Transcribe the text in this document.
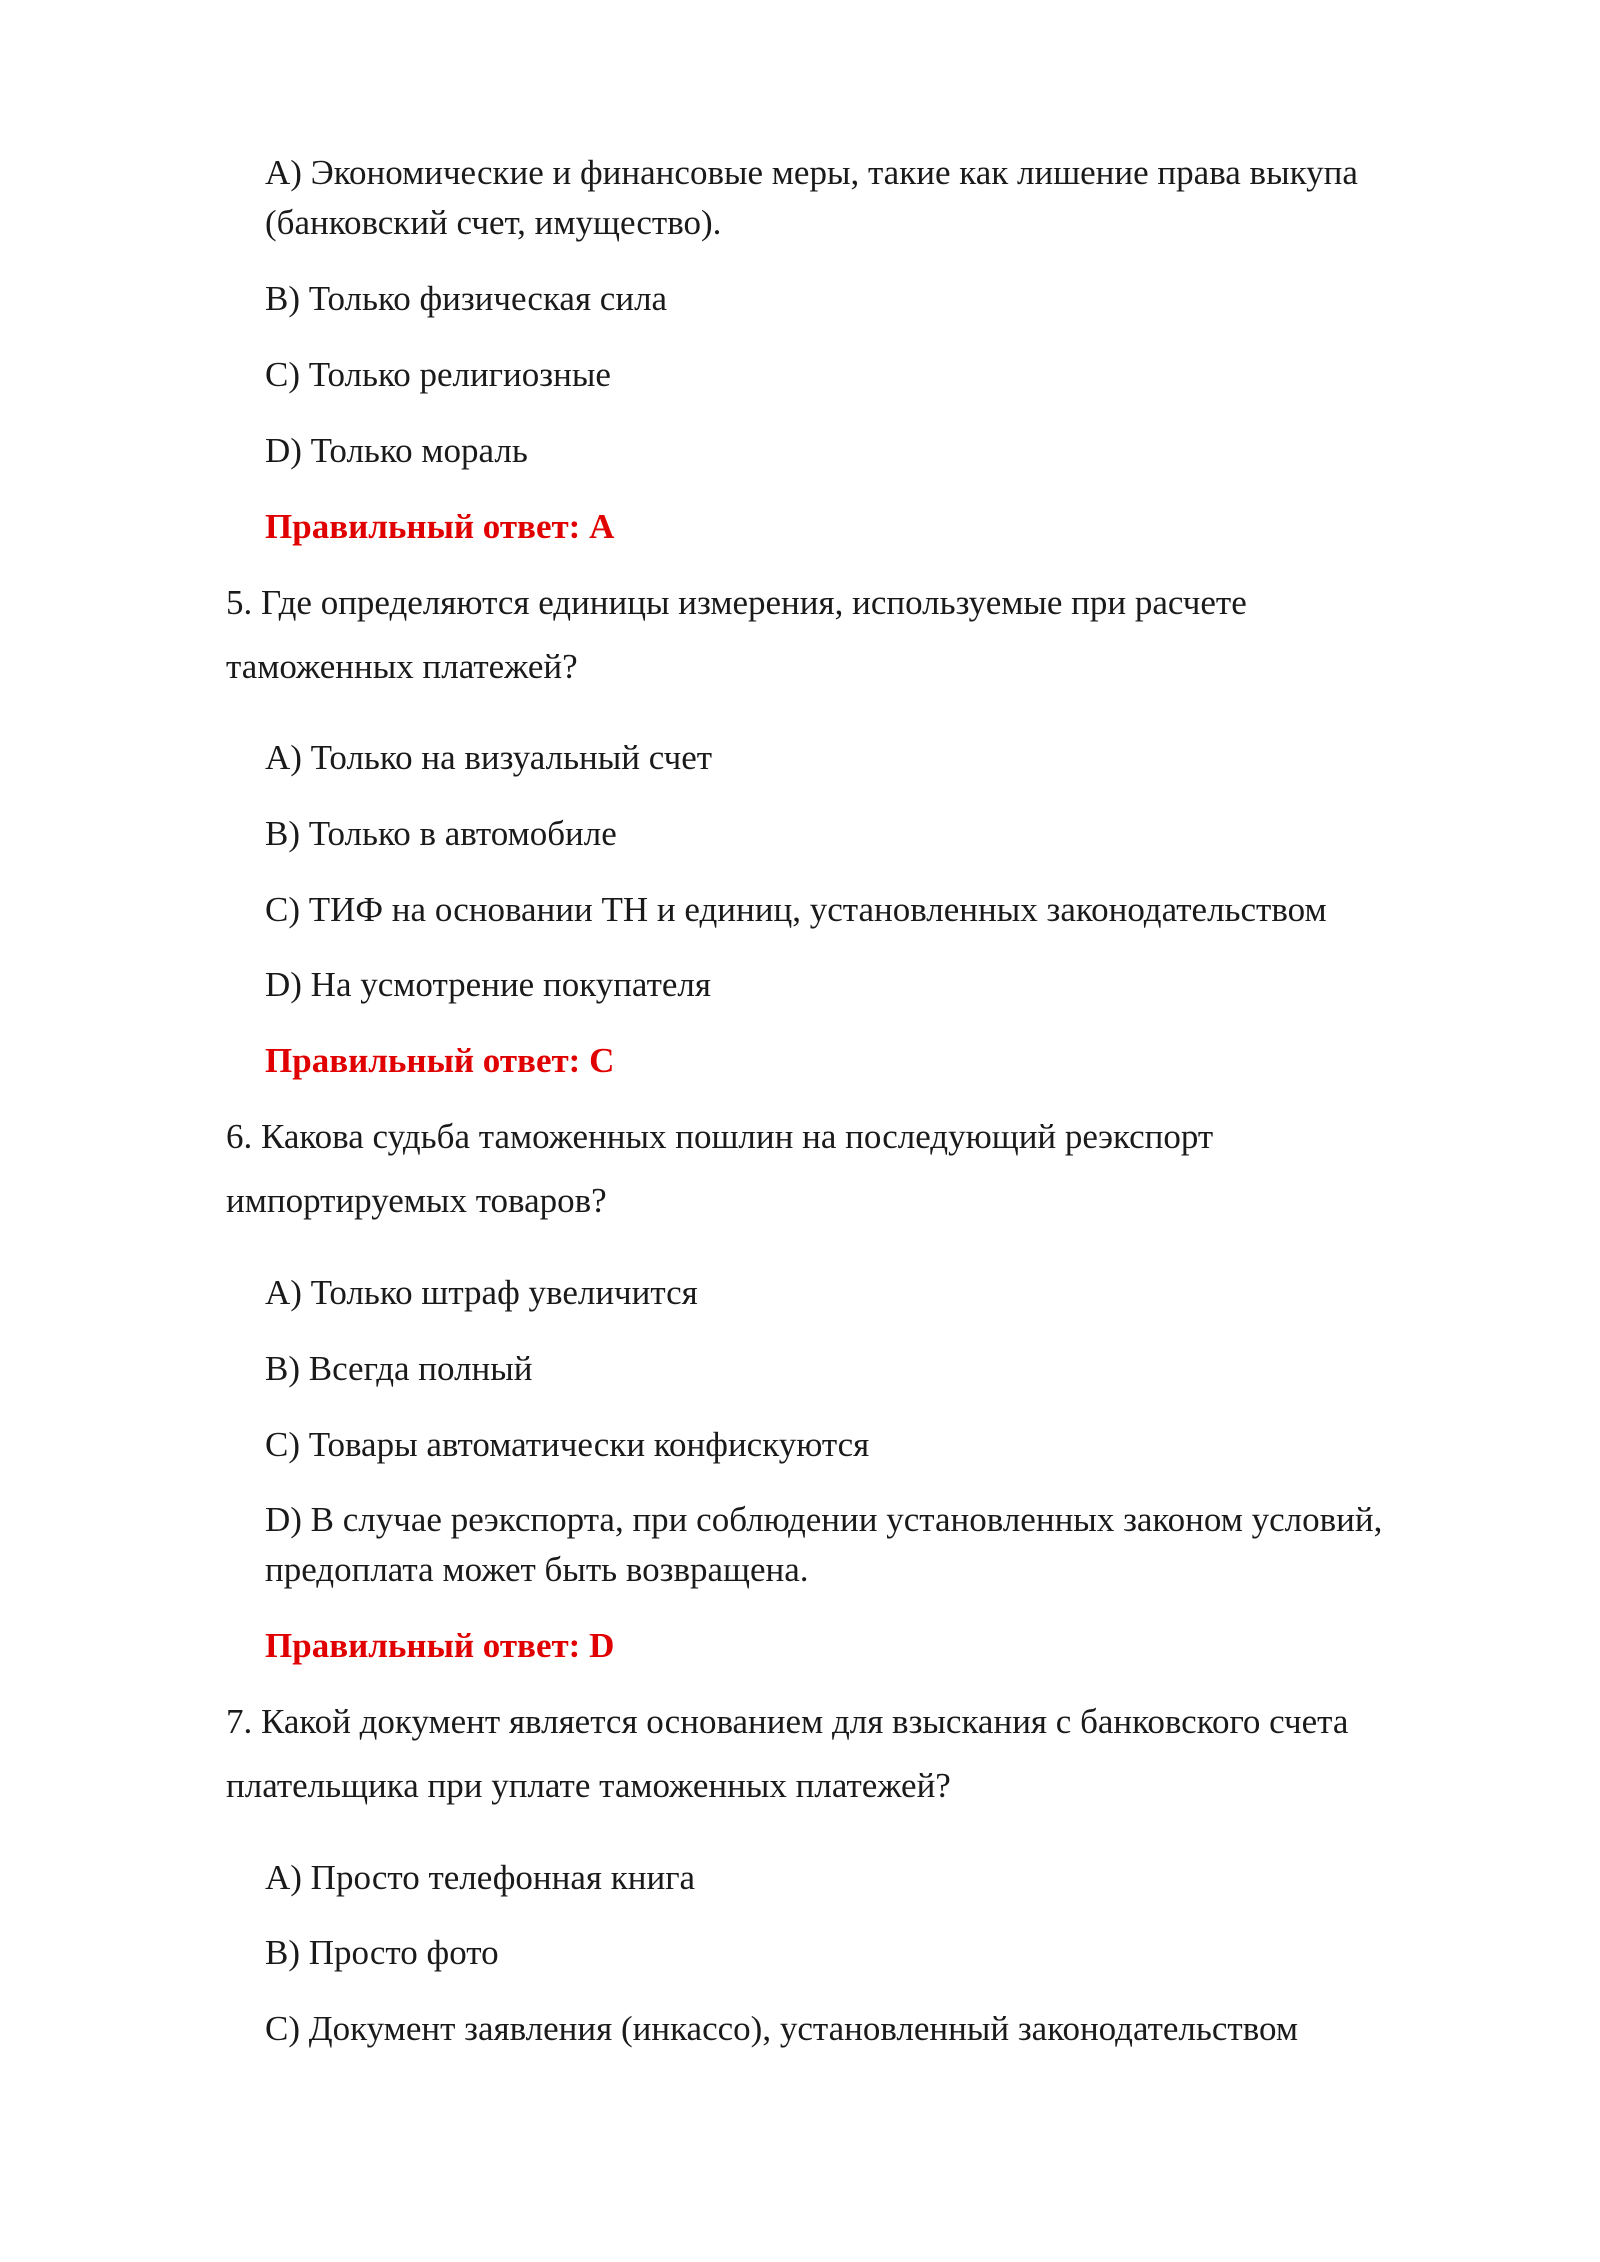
A) Экономические и финансовые меры, такие как лишение права выкупа

(банковский счет, имущество).

B) Только физическая сила

C) Только религиозные

D) Только мораль

Правильный ответ: A

5. Где определяются единицы измерения, используемые при расчете

таможенных платежей?

A) Только на визуальный счет

B) Только в автомобиле

C) ТИФ на основании ТН и единиц, установленных законодательством

D) На усмотрение покупателя

Правильный ответ: C

6. Какова судьба таможенных пошлин на последующий реэкспорт

импортируемых товаров?

A) Только штраф увеличится

B) Всегда полный

C) Товары автоматически конфискуются

D) В случае реэкспорта, при соблюдении установленных законом условий,

предоплата может быть возвращена.

Правильный ответ: D

7. Какой документ является основанием для взыскания с банковского счета

плательщика при уплате таможенных платежей?

A) Просто телефонная книга

B) Просто фото

C) Документ заявления (инкассо), установленный законодательством
